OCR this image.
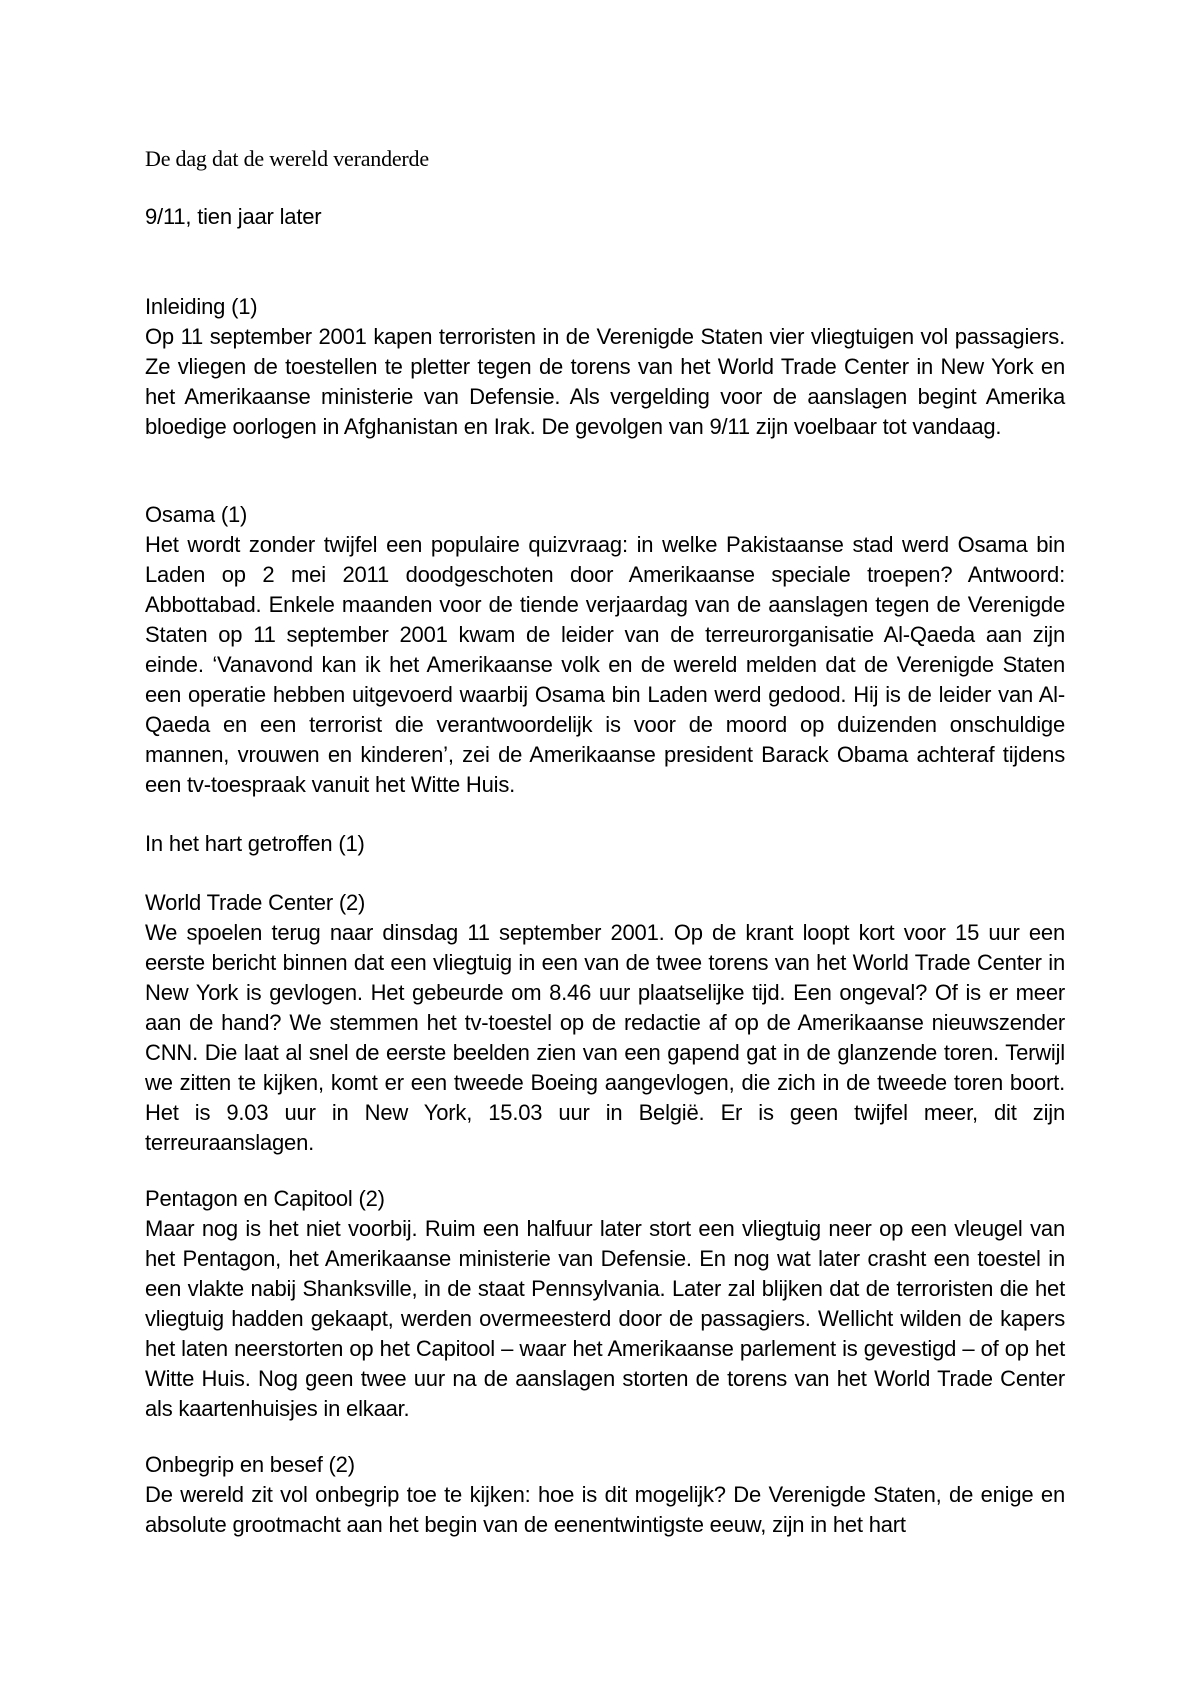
De dag dat de wereld veranderde
9/11, tien jaar later
Inleiding (1)

Op 11 september 2001 kapen terroristen in de Verenigde Staten vier vliegtuigen vol passagiers. Ze vliegen de toestellen te pletter tegen de torens van het World Trade Center in New York en het Amerikaanse ministerie van Defensie. Als vergelding voor de aanslagen begint Amerika bloedige oorlogen in Afghanistan en Irak. De gevolgen van 9/11 zijn voelbaar tot vandaag.

Osama (1)

Het wordt zonder twijfel een populaire quizvraag: in welke Pakistaanse stad werd Osama bin Laden op 2 mei 2011 doodgeschoten door Amerikaanse speciale troepen? Antwoord: Abbottabad. Enkele maanden voor de tiende verjaardag van de aanslagen tegen de Verenigde Staten op 11 september 2001 kwam de leider van de terreurorganisatie Al-Qaeda aan zijn einde. ‘Vanavond kan ik het Amerikaanse volk en de wereld melden dat de Verenigde Staten een operatie hebben uitgevoerd waarbij Osama bin Laden werd gedood. Hij is de leider van Al-Qaeda en een terrorist die verantwoordelijk is voor de moord op duizenden onschuldige mannen, vrouwen en kinderen’, zei de Amerikaanse president Barack Obama achteraf tijdens een tv-toespraak vanuit het Witte Huis.

In het hart getroffen (1)
World Trade Center (2)

We spoelen terug naar dinsdag 11 september 2001. Op de krant loopt kort voor 15 uur een eerste bericht binnen dat een vliegtuig in een van de twee torens van het World Trade Center in New York is gevlogen. Het gebeurde om 8.46 uur plaatselijke tijd. Een ongeval? Of is er meer aan de hand? We stemmen het tv-toestel op de redactie af op de Amerikaanse nieuwszender CNN. Die laat al snel de eerste beelden zien van een gapend gat in de glanzende toren. Terwijl we zitten te kijken, komt er een tweede Boeing aangevlogen, die zich in de tweede toren boort. Het is 9.03 uur in New York, 15.03 uur in België. Er is geen twijfel meer, dit zijn terreuraanslagen.

Pentagon en Capitool (2)

Maar nog is het niet voorbij. Ruim een halfuur later stort een vliegtuig neer op een vleugel van het Pentagon, het Amerikaanse ministerie van Defensie. En nog wat later crasht een toestel in een vlakte nabij Shanksville, in de staat Pennsylvania. Later zal blijken dat de terroristen die het vliegtuig hadden gekaapt, werden overmeesterd door de passagiers. Wellicht wilden de kapers het laten neerstorten op het Capitool – waar het Amerikaanse parlement is gevestigd – of op het Witte Huis. Nog geen twee uur na de aanslagen storten de torens van het World Trade Center als kaartenhuisjes in elkaar.

Onbegrip en besef (2)

De wereld zit vol onbegrip toe te kijken: hoe is dit mogelijk? De Verenigde Staten, de enige en absolute grootmacht aan het begin van de eenentwintigste eeuw, zijn in het hart
